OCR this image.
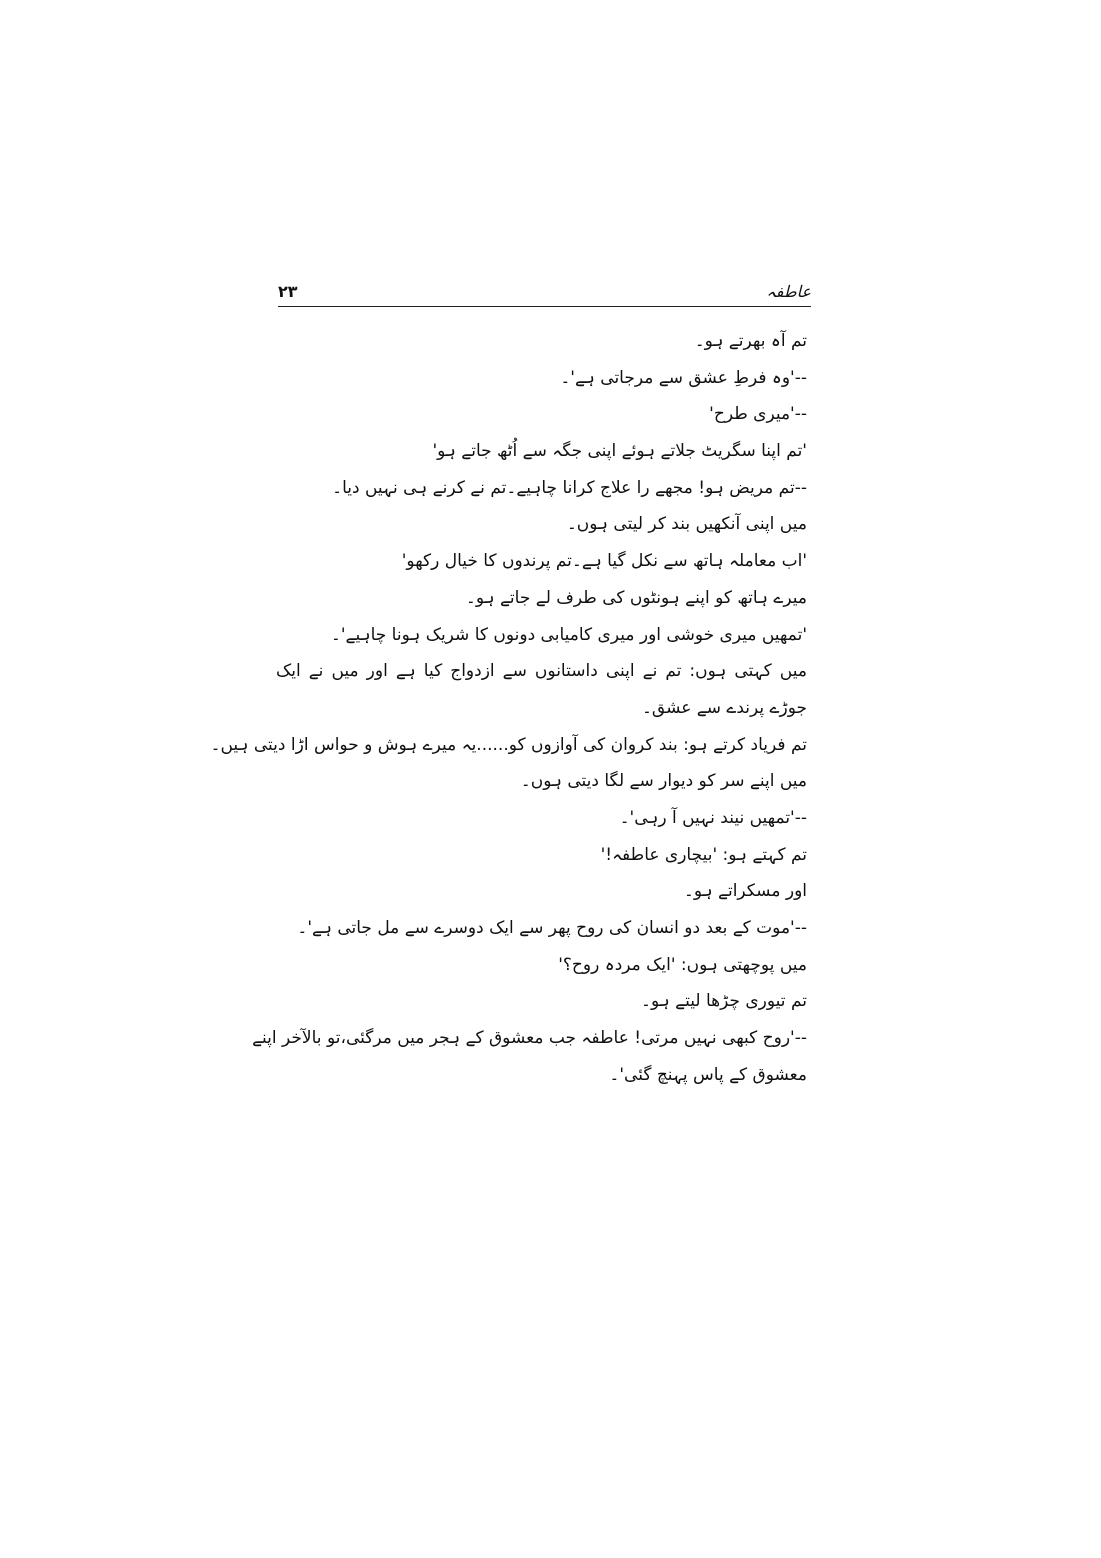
عاطفہ
۲۳
تم آہ بھرتے ہو۔
--'وہ فرطِ عشق سے مرجاتی ہے'۔
--'میری طرح'
'تم اپنا سگریٹ جلاتے ہوئے اپنی جگہ سے اُٹھ جاتے ہو'
--تم مریض ہو! مجھے را علاج کرانا چاہیے۔تم نے کرنے ہی نہیں دیا۔
میں اپنی آنکھیں بند کر لیتی ہوں۔
'اب معاملہ ہاتھ سے نکل گیا ہے۔تم پرندوں کا خیال رکھو'
میرے ہاتھ کو اپنے ہونٹوں کی طرف لے جاتے ہو۔
'تمھیں میری خوشی اور میری کامیابی دونوں کا شریک ہونا چاہیے'۔
میں کہتی ہوں: تم نے اپنی داستانوں سے ازدواج کیا ہے اور میں نے ایک
جوڑے پرندے سے عشق۔
تم فریاد کرتے ہو: بند کروان کی آوازوں کو......یہ میرے ہوش و حواس اڑا دیتی ہیں۔
میں اپنے سر کو دیوار سے لگا دیتی ہوں۔
--'تمھیں نیند نہیں آ رہی'۔
تم کہتے ہو: 'بیچاری عاطفہ!'
اور مسکراتے ہو۔
--'موت کے بعد دو انسان کی روح پھر سے ایک دوسرے سے مل جاتی ہے'۔
میں پوچھتی ہوں: 'ایک مردہ روح؟'
تم تیوری چڑھا لیتے ہو۔
--'روح کبھی نہیں مرتی! عاطفہ جب معشوق کے ہجر میں مرگئی،تو بالآخر اپنے
معشوق کے پاس پہنچ گئی'۔
